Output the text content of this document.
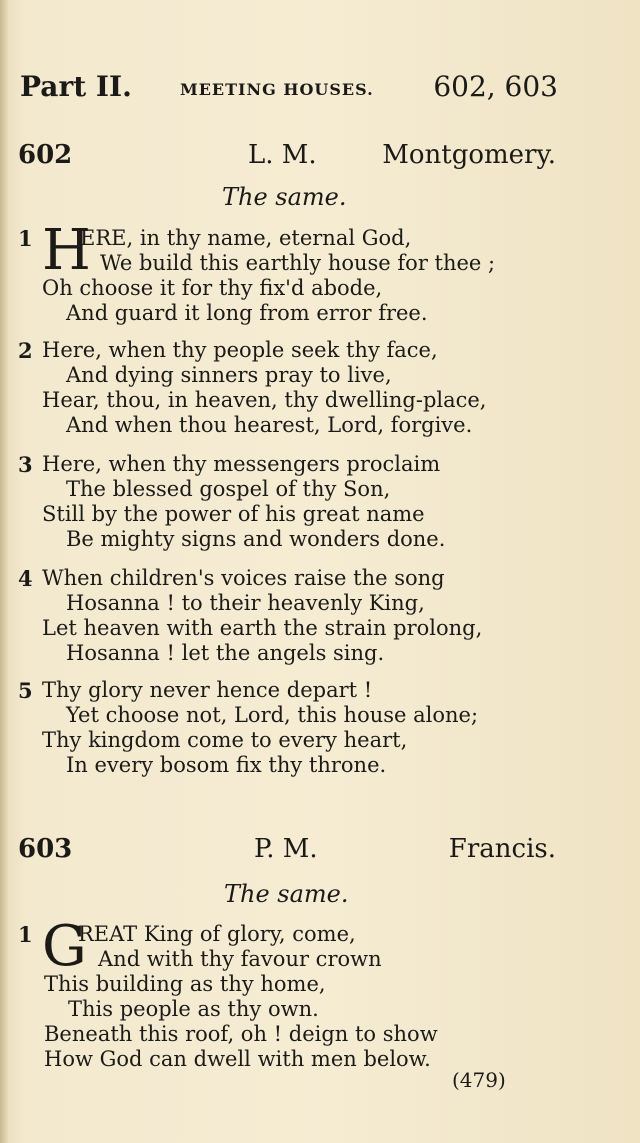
Part II.	MEETING HOUSES. 602, 603
602	L. M.	Montgomery.
The same.
1 H
ERE, in thy name, eternal God,
We build this earthly house for thee ;
Oh choose it for thy fix'd abode,
And guard it long from error free.
2 Here, when thy people seek thy face,
And dying sinners pray to live,
Hear, thou, in heaven, thy dwelling-place,
And when thou hearest, Lord, forgive.
3 Here, when thy messengers proclaim
The blessed gospel of thy Son,
Still by the power of his great name
Be mighty signs and wonders done.
4 When children's voices raise the song
Hosanna ! to their heavenly King,
Let heaven with earth the strain prolong,
Hosanna ! let the angels sing.
5 Thy glory never hence depart !
Yet choose not, Lord, this house alone;
Thy kingdom come to every heart,
In every bosom fix thy throne.
603	P. M.	Francis.
The same.
1 G
REAT King of glory, come,
And with thy favour crown
This building as thy home,
This people as thy own.
Beneath this roof, oh ! deign to show
How God can dwell with men below.
(479)
